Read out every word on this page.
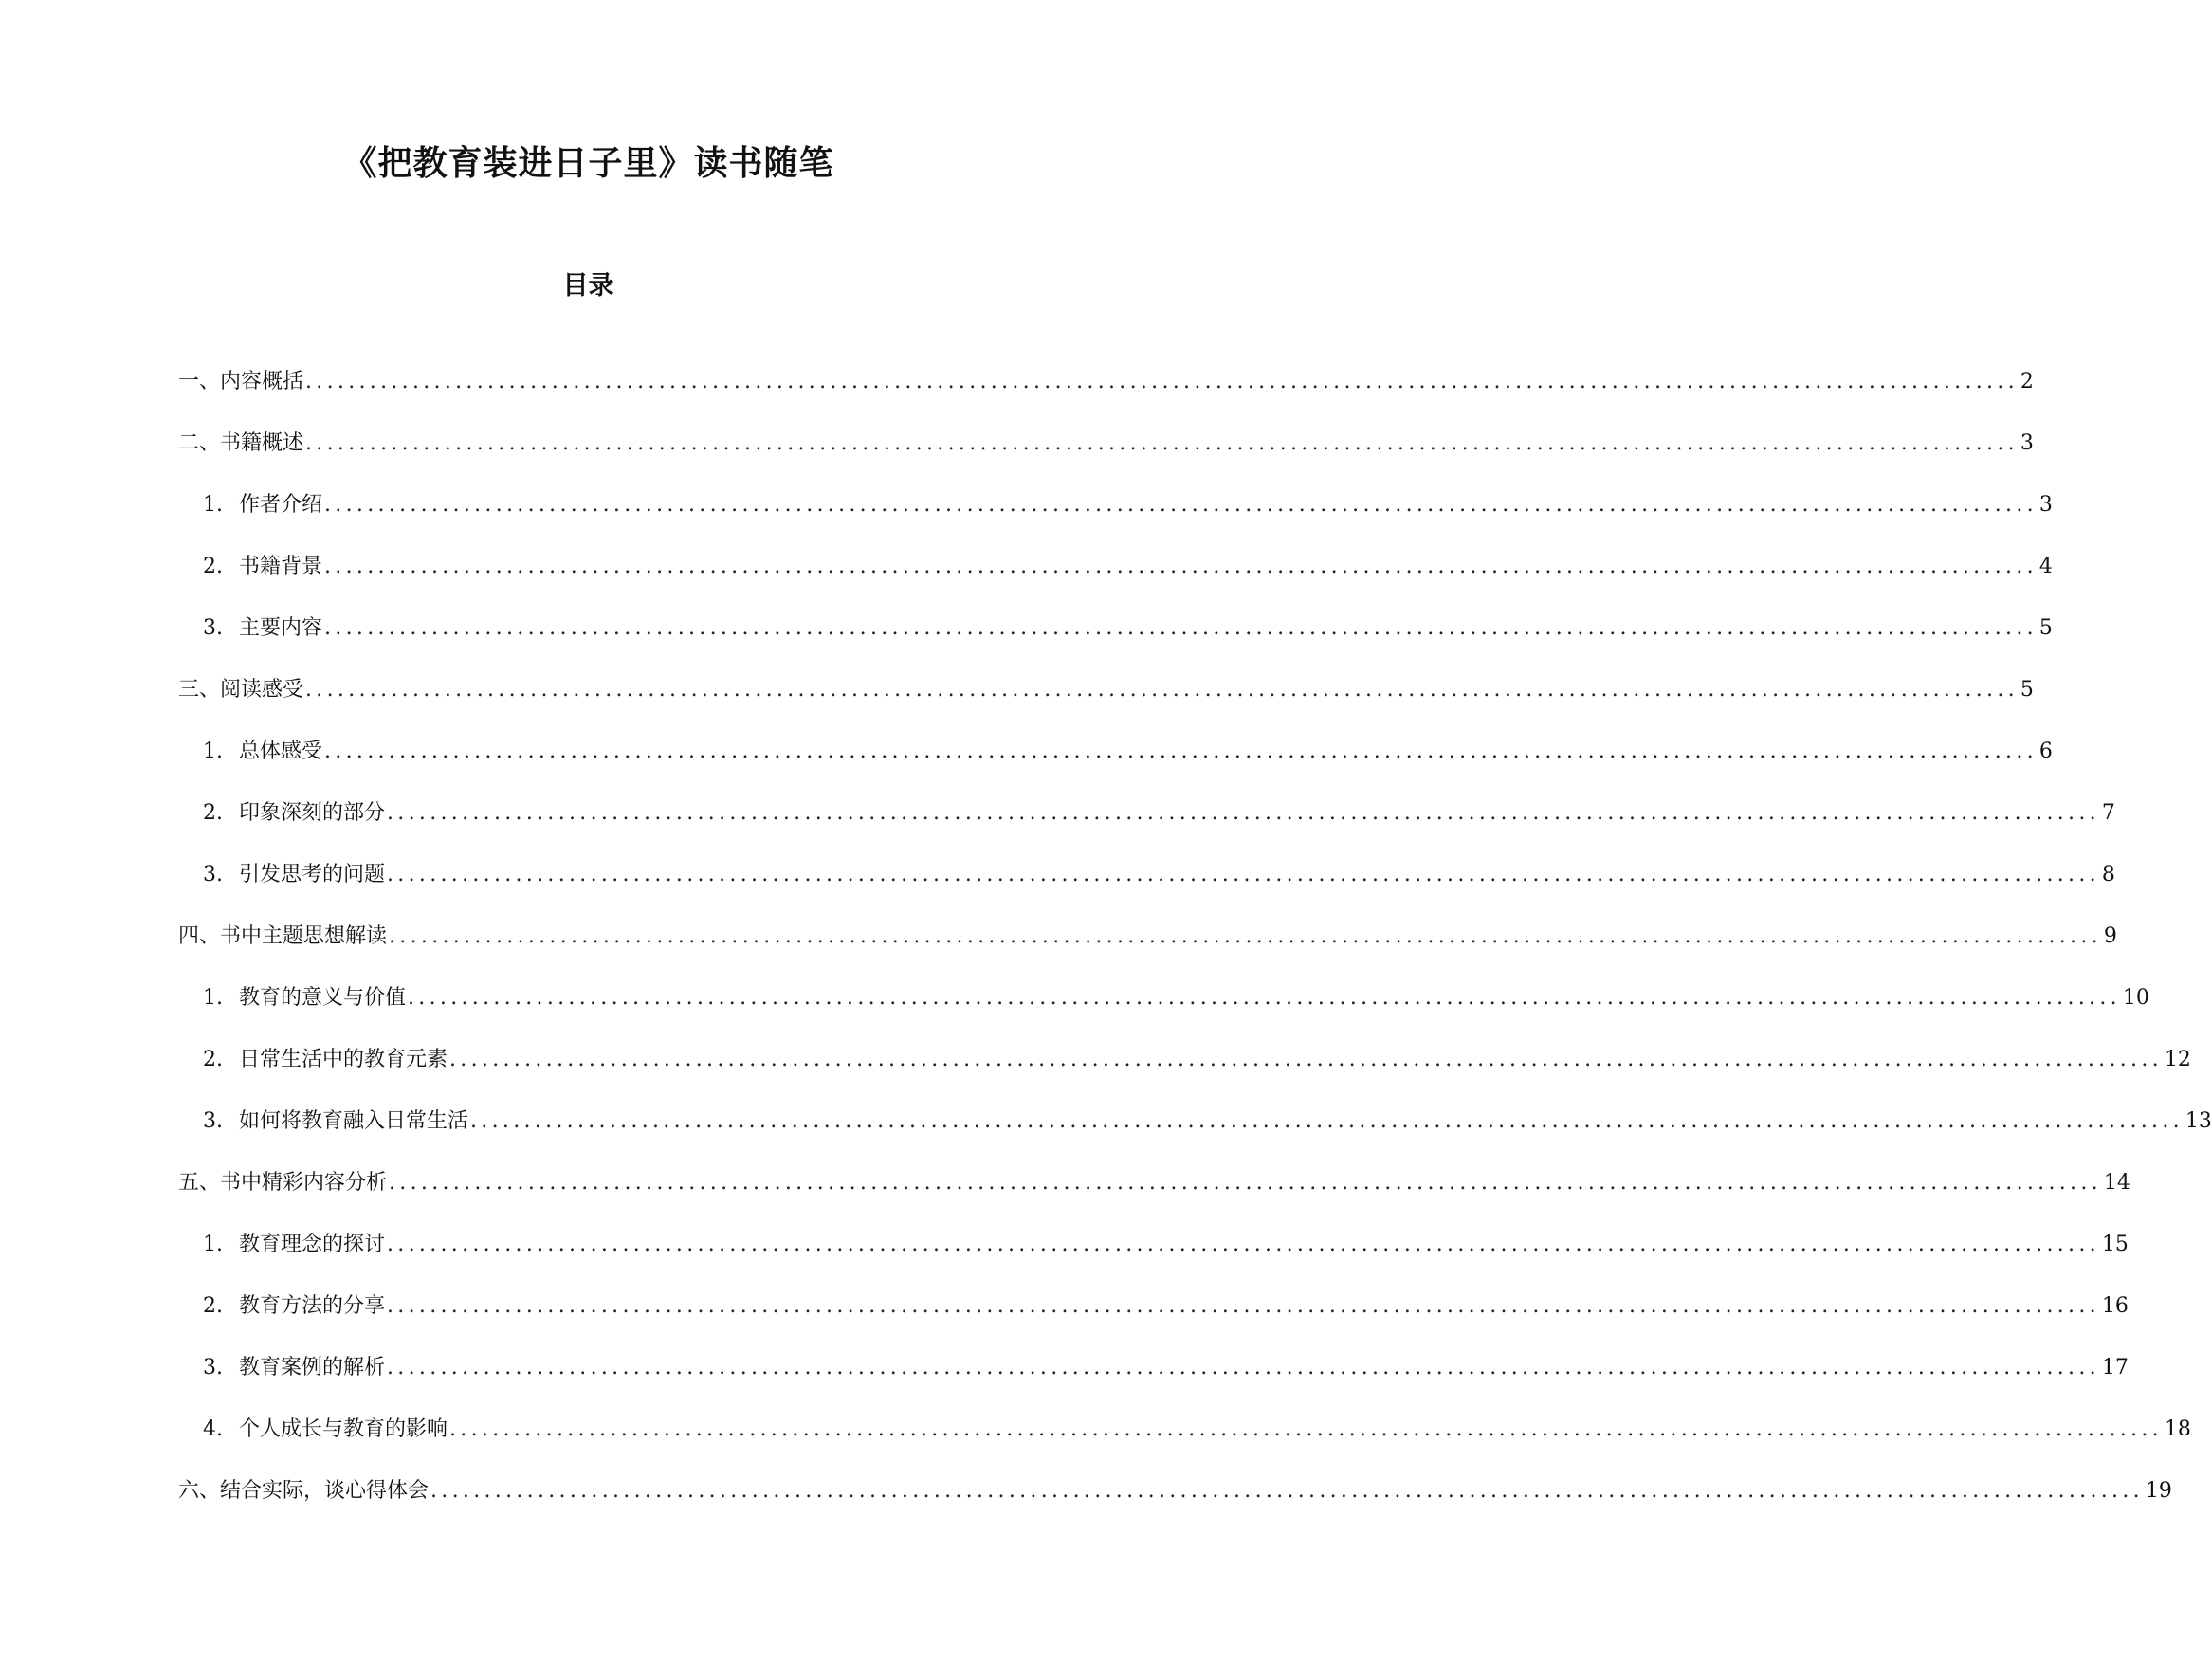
《把教育装进日子里》读书随笔
目录
一、内容概括 ................................................................................................................................................................ 2
二、书籍概述 ................................................................................................................................................................ 3
1. 作者介绍 ................................................................................................................................................................ 3
2. 书籍背景 ................................................................................................................................................................ 4
3. 主要内容 ................................................................................................................................................................ 5
三、阅读感受 ................................................................................................................................................................ 5
1. 总体感受 ................................................................................................................................................................ 6
2. 印象深刻的部分 ................................................................................................................................................................ 7
3. 引发思考的问题 ................................................................................................................................................................ 8
四、书中主题思想解读 ................................................................................................................................................................ 9
1. 教育的意义与价值 ................................................................................................................................................................ 10
2. 日常生活中的教育元素 ................................................................................................................................................................ 12
3. 如何将教育融入日常生活 ................................................................................................................................................................ 13
五、书中精彩内容分析 ................................................................................................................................................................ 14
1. 教育理念的探讨 ................................................................................................................................................................ 15
2. 教育方法的分享 ................................................................................................................................................................ 16
3. 教育案例的解析 ................................................................................................................................................................ 17
4. 个人成长与教育的影响 ................................................................................................................................................................ 18
六、结合实际，谈心得体会 ................................................................................................................................................................ 19
